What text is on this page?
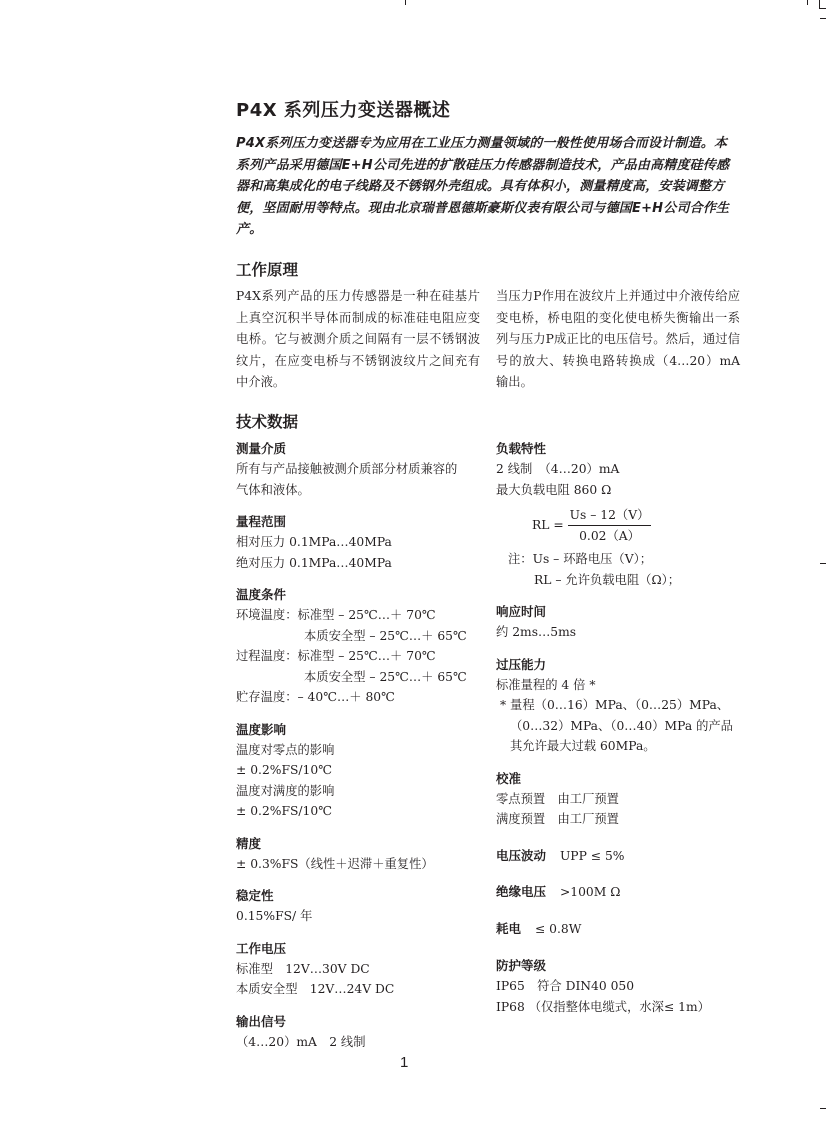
P4X 系列压力变送器概述

P4X系列压力变送器专为应用在工业压力测量领域的一般性使用场合而设计制造。本系列产品采用德国E+H公司先进的扩散硅压力传感器制造技术，产品由高精度硅传感器和高集成化的电子线路及不锈钢外壳组成。具有体积小，测量精度高，安装调整方便，坚固耐用等特点。现由北京瑞普恩德斯豪斯仪表有限公司与德国E+H公司合作生产。

工作原理
P4X系列产品的压力传感器是一种在硅基片上真空沉积半导体而制成的标准硅电阻应变电桥。它与被测介质之间隔有一层不锈钢波纹片，在应变电桥与不锈钢波纹片之间充有中介液。
当压力P作用在波纹片上并通过中介液传给应变电桥，桥电阻的变化使电桥失衡输出一系列与压力P成正比的电压信号。然后，通过信号的放大、转换电路转换成（4…20）mA 输出。
技术数据
测量介质

所有与产品接触被测介质部分材质兼容的

气体和液体。

量程范围

相对压力 0.1MPa…40MPa

绝对压力 0.1MPa…40MPa

温度条件

环境温度：标准型 – 25℃…＋ 70℃

本质安全型 – 25℃…＋ 65℃

过程温度：标准型 – 25℃…＋ 70℃

本质安全型 – 25℃…＋ 65℃

贮存温度：– 40℃…＋ 80℃

温度影响

温度对零点的影响

± 0.2%FS/10℃

温度对满度的影响

± 0.2%FS/10℃

精度

± 0.3%FS（线性＋迟滞＋重复性）

稳定性

0.15%FS/ 年

工作电压

标准型　12V…30V DC

本质安全型　12V…24V DC

输出信号

（4…20）mA　2 线制

负载特性

2 线制　（4…20）mA

最大负载电阻 860 Ω

RL = $\frac{Us - 12(V)}{0.02(A)}$

注：Us – 环路电压（V）；

RL – 允许负载电阻（Ω）；

响应时间

约 2ms…5ms

过压能力

标准量程的 4 倍 *

* 量程（0…16）MPa、（0…25）MPa、（0…32）MPa、（0…40）MPa 的产品其允许最大过载 60MPa。

校准

零点预置　由工厂预置

满度预置　由工厂预置

电压波动 UPP ≤ 5%
绝缘电压 >100M Ω
耗电 ≤ 0.8W
防护等级

IP65　符合 DIN40 050

IP68 （仅指整体电缆式，水深≤ 1m）

1
